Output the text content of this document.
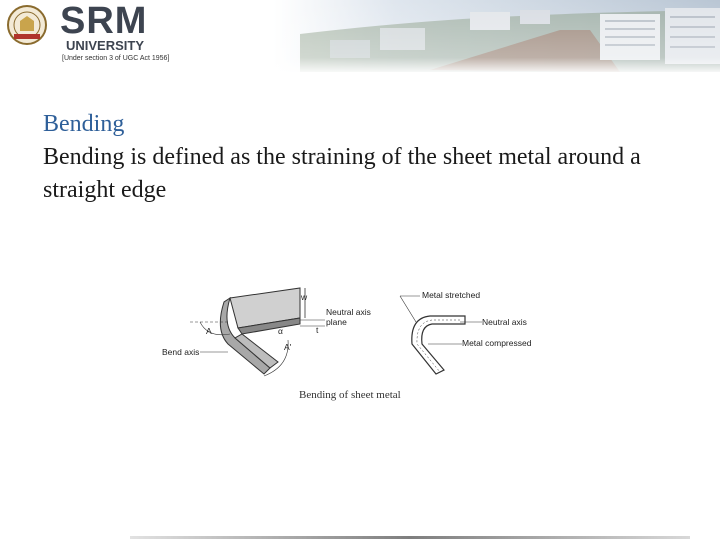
SRM
UNIVERSITY
[Under section 3 of UGC Act 1956]
Bending
Bending is defined as the straining of the sheet metal around a straight edge
w
Neutral axis
plane
t
α
A'
A
Bend axis
Metal stretched
Neutral axis
Metal compressed
Bending of sheet metal
